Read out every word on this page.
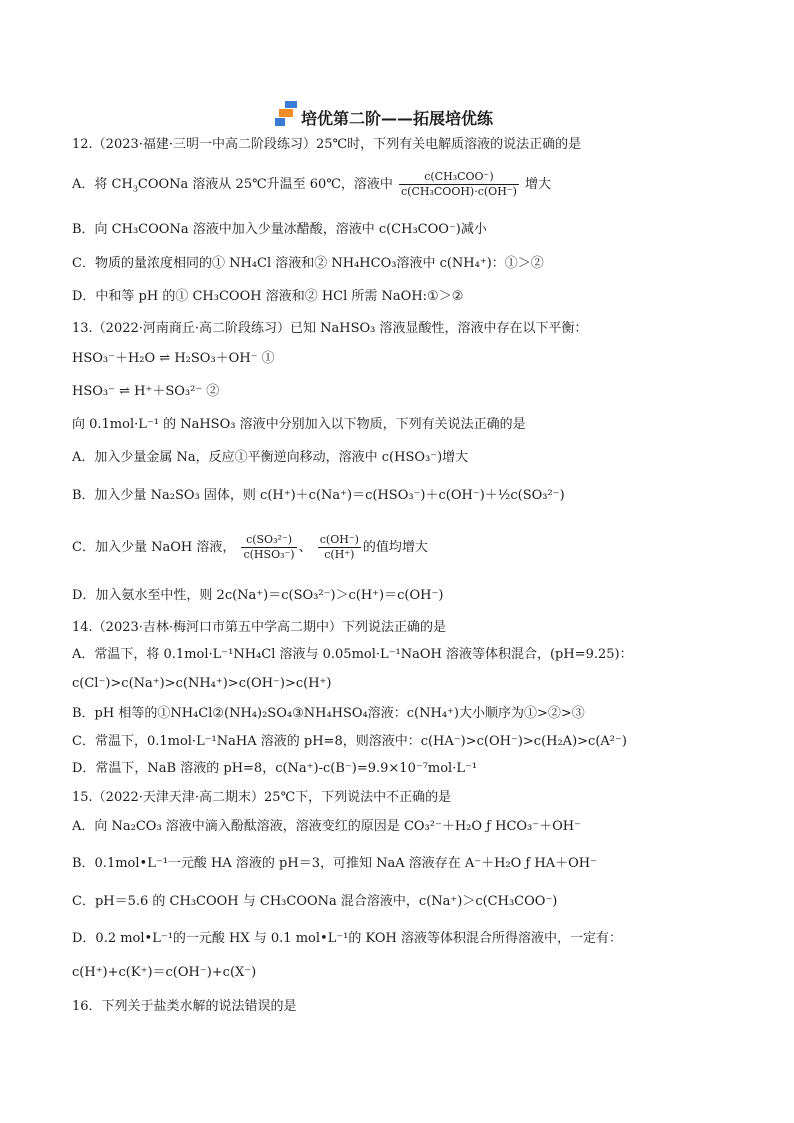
培优第二阶——拓展培优练
12.（2023·福建·三明一中高二阶段练习）25℃时，下列有关电解质溶液的说法正确的是
A．将 $CH_3COONa$ 溶液从 25℃升温至 60℃，溶液中 $\frac{\text{c(CH₃COO⁻)}}{\text{c(CH₃COOH)·c(OH⁻)}}$ 增大
B．向 CH₃COONa 溶液中加入少量冰醋酸，溶液中 c(CH₃COO⁻)减小
C．物质的量浓度相同的① NH₄Cl 溶液和② NH₄HCO₃溶液中 c(NH₄⁺)：①＞②
D．中和等 pH 的① CH₃COOH 溶液和② HCl 所需 NaOH:①＞②
13.（2022·河南商丘·高二阶段练习）已知 NaHSO₃ 溶液显酸性，溶液中存在以下平衡：
HSO₃⁻＋H₂O ⇌ H₂SO₃＋OH⁻ ①
HSO₃⁻ ⇌ H⁺＋SO₃²⁻ ②
向 0.1mol·L⁻¹ 的 NaHSO₃ 溶液中分别加入以下物质，下列有关说法正确的是
A．加入少量金属 Na，反应①平衡逆向移动，溶液中 c(HSO₃⁻)增大
B．加入少量 Na₂SO₃ 固体，则 c(H⁺)＋c(Na⁺)＝c(HSO₃⁻)＋c(OH⁻)＋½c(SO₃²⁻)
C．加入少量 NaOH 溶液， $\frac{\text{c(SO₃²⁻)}}{\text{c(HSO₃⁻)}}$ 、 $\frac{c(OH^-)}{c(H^+)}$ 的值均增大
D．加入氨水至中性，则 2c(Na⁺)＝c(SO₃²⁻)＞c(H⁺)＝c(OH⁻)
14.（2023·吉林·梅河口市第五中学高二期中）下列说法正确的是
A．常温下，将 0.1mol·L⁻¹NH₄Cl 溶液与 0.05mol·L⁻¹NaOH 溶液等体积混合，(pH=9.25)：
c(Cl⁻)>c(Na⁺)>c(NH₄⁺)>c(OH⁻)>c(H⁺)
B．pH 相等的①NH₄Cl②(NH₄)₂SO₄③NH₄HSO₄溶液：c(NH₄⁺)大小顺序为①>②>③
C．常温下，0.1mol·L⁻¹NaHA 溶液的 pH=8，则溶液中：c(HA⁻)>c(OH⁻)>c(H₂A)>c(A²⁻)
D．常温下，NaB 溶液的 pH=8，c(Na⁺)-c(B⁻)=9.9×10⁻⁷mol·L⁻¹
15.（2022·天津天津·高二期末）25℃下，下列说法中不正确的是
A．向 Na₂CO₃ 溶液中滴入酚酞溶液，溶液变红的原因是 CO₃²⁻＋H₂O ƒ HCO₃⁻＋OH⁻
B．0.1mol•L⁻¹一元酸 HA 溶液的 pH＝3，可推知 NaA 溶液存在 A⁻＋H₂O ƒ HA＋OH⁻
C．pH＝5.6 的 CH₃COOH 与 CH₃COONa 混合溶液中，c(Na⁺)＞c(CH₃COO⁻)
D．0.2 mol•L⁻¹的一元酸 HX 与 0.1 mol•L⁻¹的 KOH 溶液等体积混合所得溶液中，一定有：
c(H⁺)+c(K⁺)＝c(OH⁻)+c(X⁻)
16．下列关于盐类水解的说法错误的是
